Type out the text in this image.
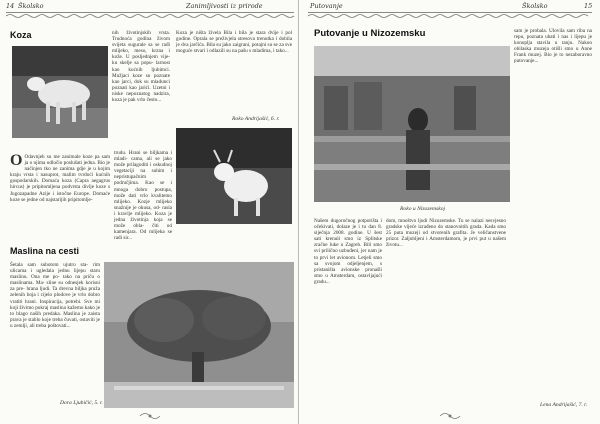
14 Školsko	Zanimljivosti iz prirode
Koza	nih životinjskih vrsta. Trudnoća godina živom svijeta sugurale sa se rađi mlijeko, meso, krzna i kože. U posljednjem vije- ku skelje sa popu- larnost kao kućnih ljubimci. Mužjaci koze su poznate kao jarci, dok su mladunci poznati kao jarići. Uzetni i niske nepoznatog nadzira, koza je pak vrlo često...
Koza je ništa živela Bila i bila je stara dvije i pol godine. Oprala se preživjela stresova trenutka i dobila je dva jarčića. Bila su jako zaigrani, potajni su se za sve moguće stvari i odlazili su na pašu s mladima, i tako...
Roko Andrijašić, 6. r.
O Odavnjeh su me zanimale koze pa sam ja o njima odlučio poslušati jedna. Bio je načinjen tko ne zanima gdje je u kojim kraju vrsta i nasuprot, malim tvrdoći kućnih gospodarskih. Domaća koza (Capra aegagrus hircus) je pripitomljena podvrsta divlje koze s Jugozapadne Azije i istočne Europe. Domaće koze se jedne od najstarijih pripitomlje-
trudu. Hrani se biljkama i mladi- cama, ali se jako može prilagoditi i oskudnoj vegetaciji na suhim i nepristupačnim područjima. Kao se i mnoga dobro postupa, može dati vrlo kvalitetno mlijeko. Kozje mlijeko snažnije je okusa, od- rasla i kravlje mlijeko. Koza je jedna životinja koja se može obla- čiti od kamenjara. Od mlijeka se radi sir...
Maslina na cesti
Šetala sam subotom ujutro sta- rim ulicama i ugledala jednu lijepu staru maslinu. Ona me po- tako na priču o maslinama. Ma- sline su odnesjek korisni za pre- hrana ljudi. Ta drevna biljka pruža zelenih boja i cijelo plodove je vrlo dobro vratiti hrani. Inspiracija, potrebi. Sve mi koji živimo pokraj maslina kažemo kako je to blago naših predaka. Maslina je zaista prava je stablo koje treba čuvati, ostaviti je u zemlji, ali treba poštovati...
Dora Ljubičić, 5. r.
Putovanje	Školsko	15
Putovanje u Nizozemsku
Roko u Nizozemskoj
Našem dugoročnog potporišta i očekivati, dolaze je i tu dan 8. siječnja 2008. godine. U šest sati krenuli smo iz Splitske zračne luke u Zagreb. Bili smo svi prilično uzbuđeni, jer nam je to prvi let avionom. Letjeli smo sa svojom odjeljenjem, s pristaništa avionske pronašli smo u Amsterdam, ostavljajući gradu...
dom, mnoštvo ljudi Nizozemske. Tu se nalazi nesvjesno gradske vijeće izrađeno do stanovnitih grada. Kada smo 25 puta muzeji od stvorenih grafita. Je veličanstvene prizor. Zaljubljeni i Amsterdamom, je prvi put u našem životu...
sam je probala. Ulovila sam riba na repu, poznata ubati i nas i lijepu je konoplja stavila u tanju. Nakon obilaska muzeja otišli smo u Anne Frank muzej. Bio je to nezaboravno putovanje...
Lena Andrijašić, 7. r.
